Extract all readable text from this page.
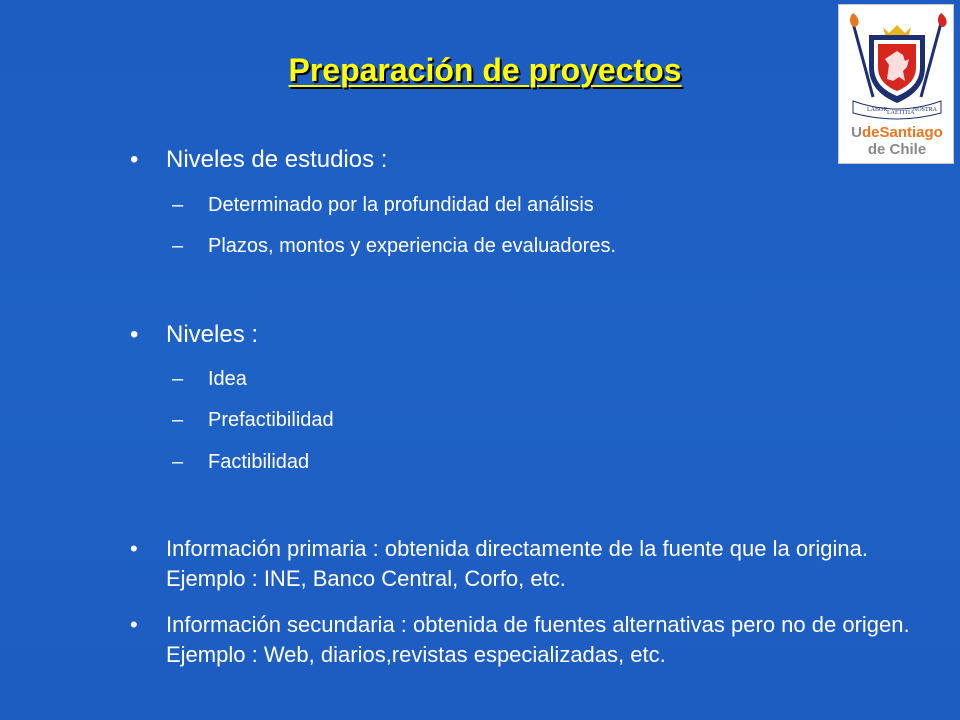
Preparación de proyectos
LABOR LAETITIA
NOSTRA
UdeSantiago
de Chile
• Niveles de estudios :
– Determinado por la profundidad del análisis
– Plazos, montos y experiencia de evaluadores.
• Niveles :
– Idea
– Prefactibilidad
– Factibilidad
• Información primaria : obtenida directamente de la fuente que la origina. Ejemplo : INE, Banco Central, Corfo, etc.
• Información secundaria : obtenida de fuentes alternativas pero no de origen. Ejemplo : Web, diarios,revistas especializadas, etc.
